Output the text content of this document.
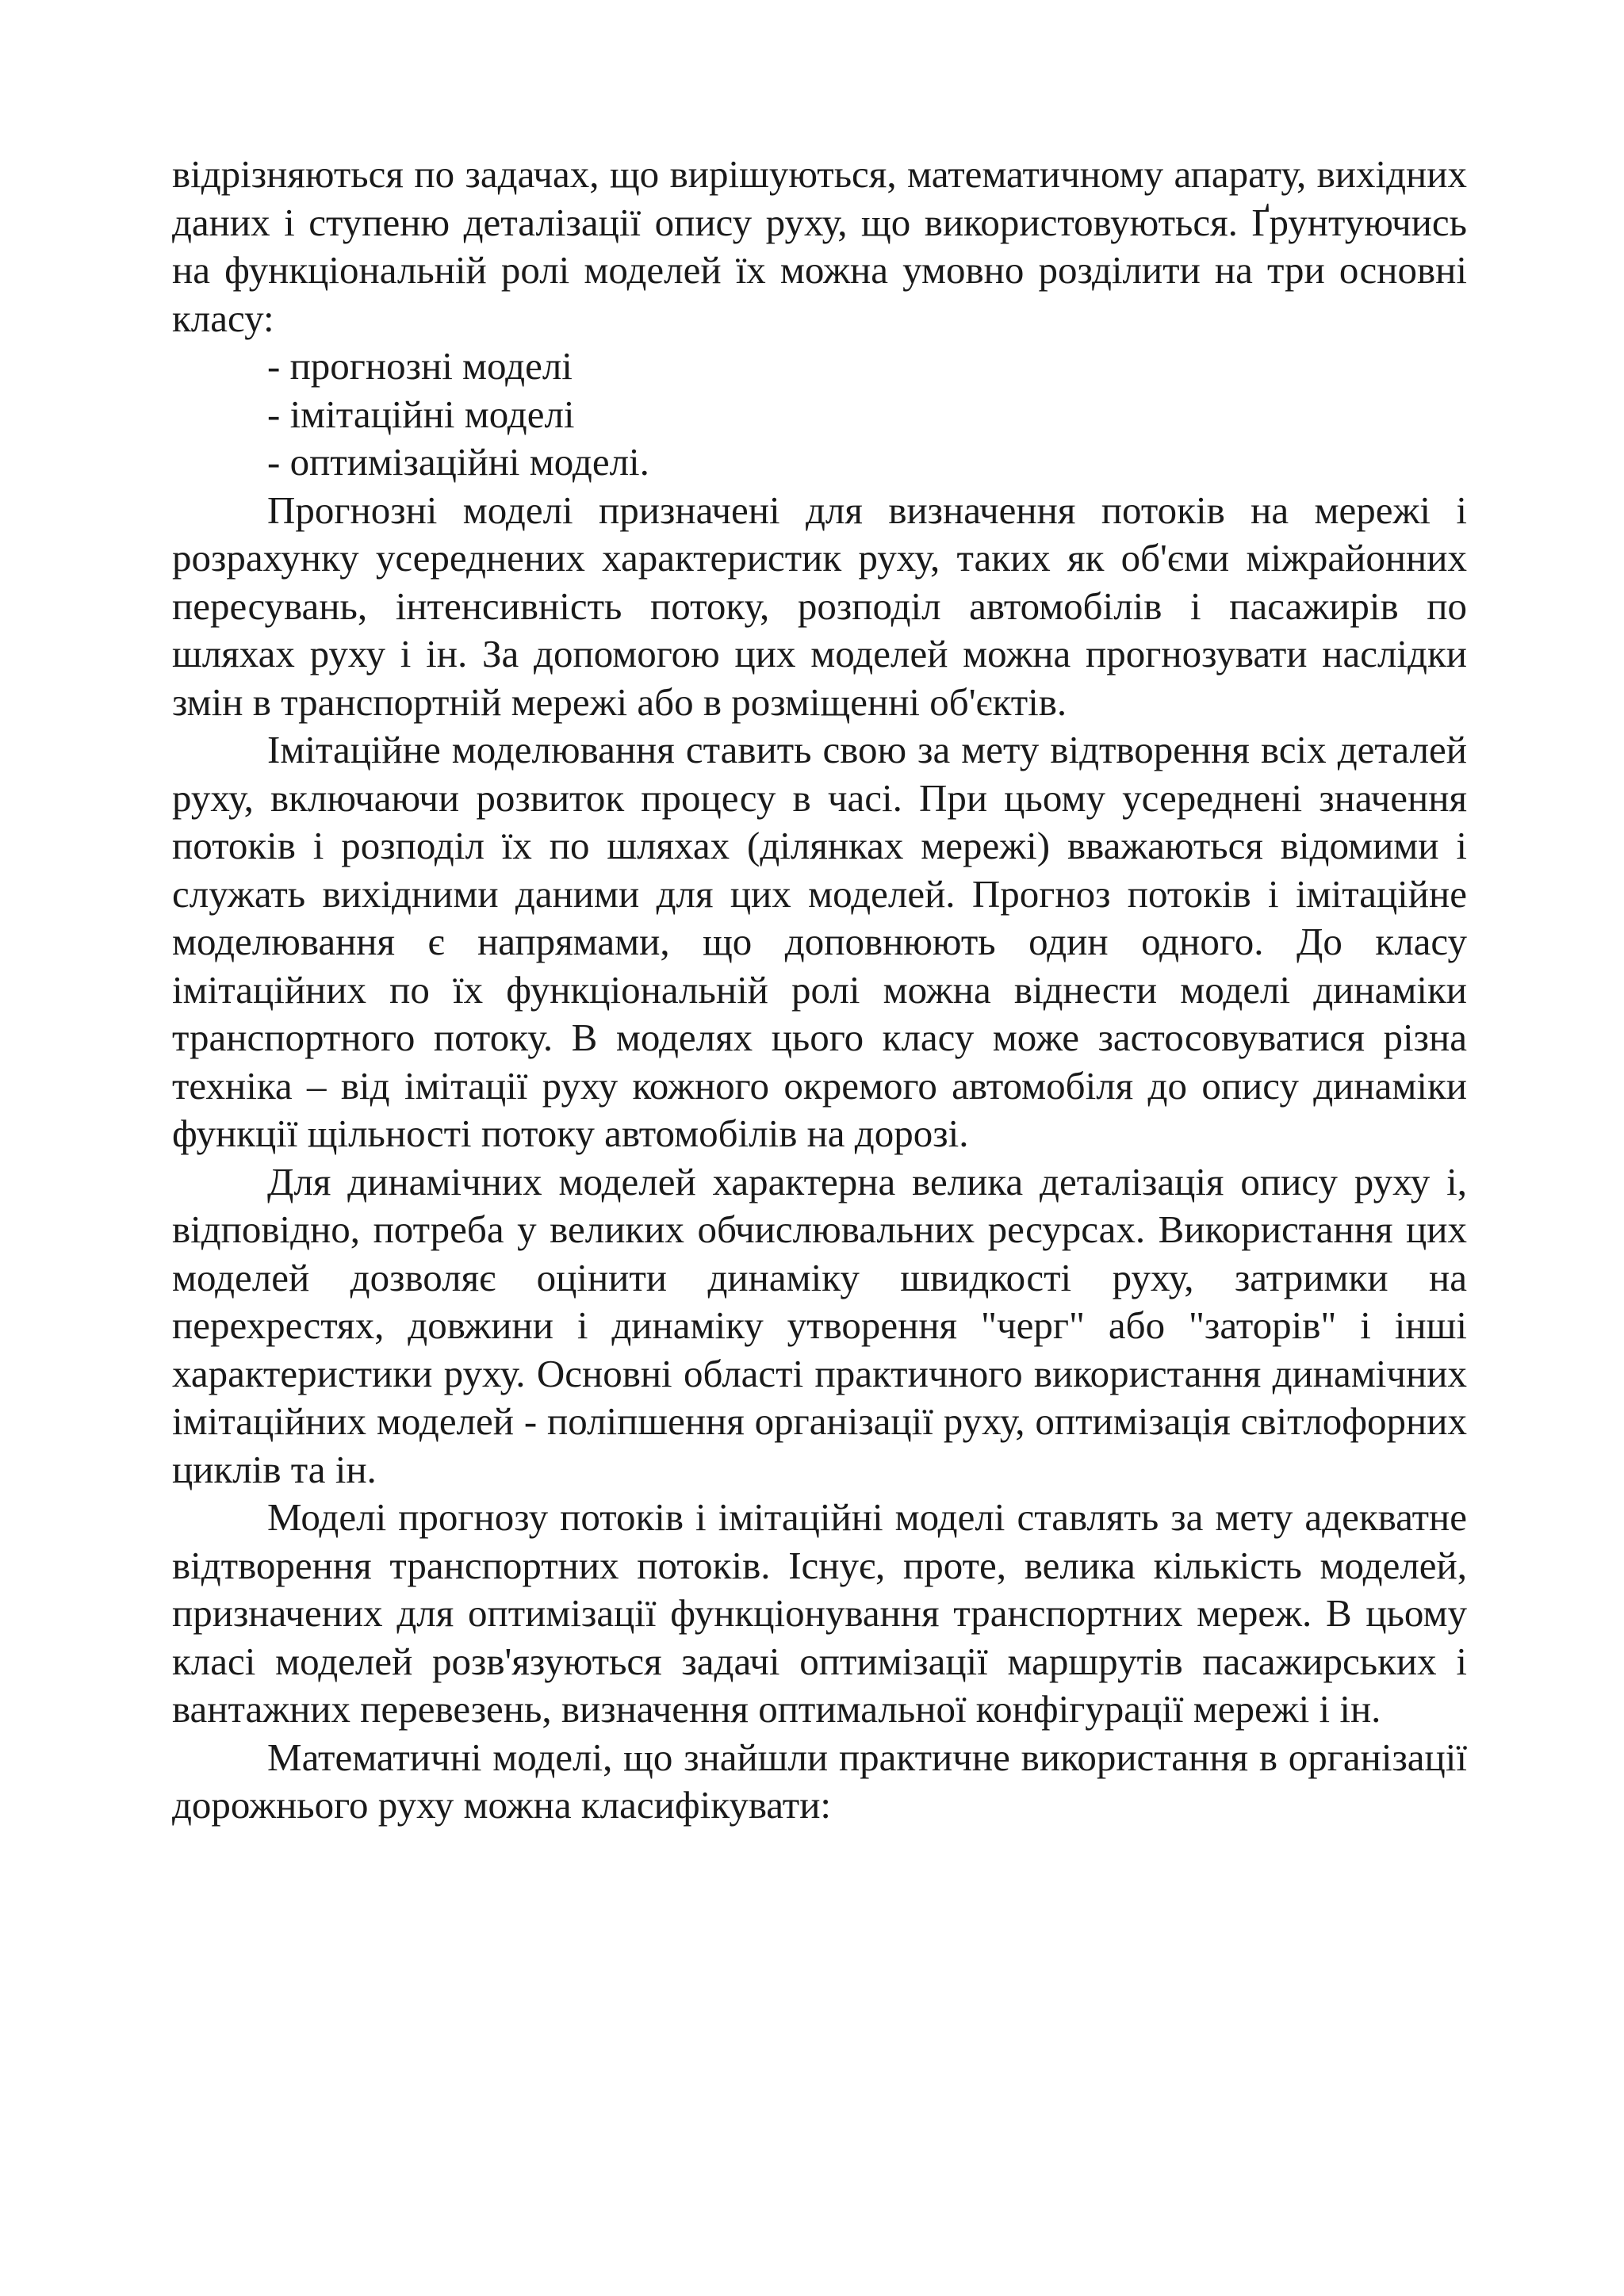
відрізняються по задачах, що вирішуються, математичному апарату, вихідних даних і ступеню деталізації опису руху, що використовуються. Ґрунтуючись на функціональній ролі моделей їх можна умовно розділити на три основні класу:

- прогнозні моделі
- імітаційні моделі
- оптимізаційні моделі.

Прогнозні моделі призначені для визначення потоків на мережі і розрахунку усереднених характеристик руху, таких як об'єми міжрайонних пересувань, інтенсивність потоку, розподіл автомобілів і пасажирів по шляхах руху і ін. За допомогою цих моделей можна прогнозувати наслідки змін в транспортній мережі або в розміщенні об'єктів.

Імітаційне моделювання ставить свою за мету відтворення всіх деталей руху, включаючи розвиток процесу в часі. При цьому усереднені значення потоків і розподіл їх по шляхах (ділянках мережі) вважаються відомими і служать вихідними даними для цих моделей. Прогноз потоків і імітаційне моделювання є напрямами, що доповнюють один одного. До класу імітаційних по їх функціональній ролі можна віднести моделі динаміки транспортного потоку. В моделях цього класу може застосовуватися різна техніка – від імітації руху кожного окремого автомобіля до опису динаміки функції щільності потоку автомобілів на дорозі.

Для динамічних моделей характерна велика деталізація опису руху і, відповідно, потреба у великих обчислювальних ресурсах. Використання цих моделей дозволяє оцінити динаміку швидкості руху, затримки на перехрестях, довжини і динаміку утворення "черг" або "заторів" і інші характеристики руху. Основні області практичного використання динамічних імітаційних моделей - поліпшення організації руху, оптимізація світлофорних циклів та ін.

Моделі прогнозу потоків і імітаційні моделі ставлять за мету адекватне відтворення транспортних потоків. Існує, проте, велика кількість моделей, призначених для оптимізації функціонування транспортних мереж. В цьому класі моделей розв'язуються задачі оптимізації маршрутів пасажирських і вантажних перевезень, визначення оптимальної конфігурації мережі і ін.

Математичні моделі, що знайшли практичне використання в організації дорожнього руху можна класифікувати:
